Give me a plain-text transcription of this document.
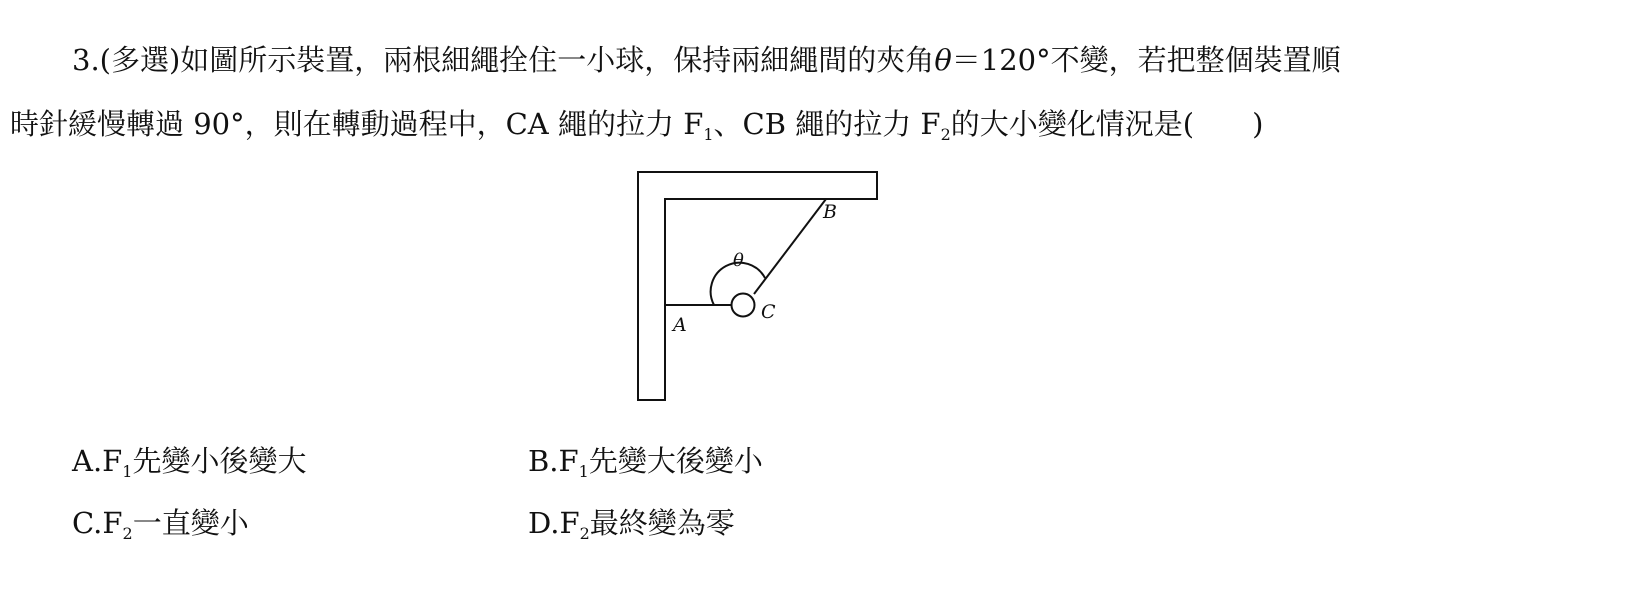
3.(多選)如圖所示裝置，兩根細繩拴住一小球，保持兩細繩間的夾角θ＝120°不變，若把整個裝置順
時針緩慢轉過 90°，則在轉動過程中，CA 繩的拉力 $F_1$、CB 繩的拉力 $F_2$的大小變化情況是(　　)
A
B
C
θ
$A.F_1$先變小後變大	$B.F_1$先變大後變小
$C.F_2$一直變小	$D.F_2$最終變為零
